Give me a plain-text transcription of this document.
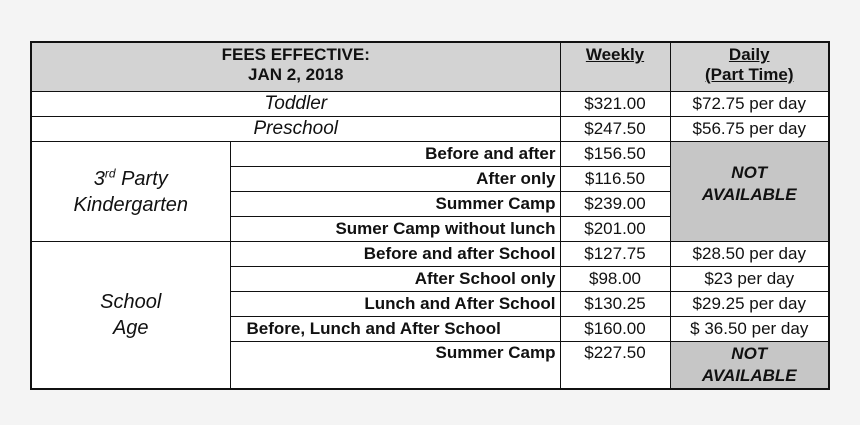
FEES EFFECTIVE:
JAN 2, 2018		Weekly	Daily
(Part Time)

Toddler		$321.00	$72.75 per day
Preschool		$247.50	$56.75 per day

3rd Party
Kindergarten	Before and after	$156.50	NOT
AVAILABLE

	After only	$116.50	
	Summer Camp	$239.00	
	Sumer Camp without lunch	$201.00	

School
Age	Before and after School	$127.75	$28.50 per day
	After School only	$98.00	$23 per day
	Lunch and After School	$130.25	$29.25 per day
	Before, Lunch and After School	$160.00	$ 36.50 per day
	Summer Camp	$227.50	NOT
AVAILABLE
